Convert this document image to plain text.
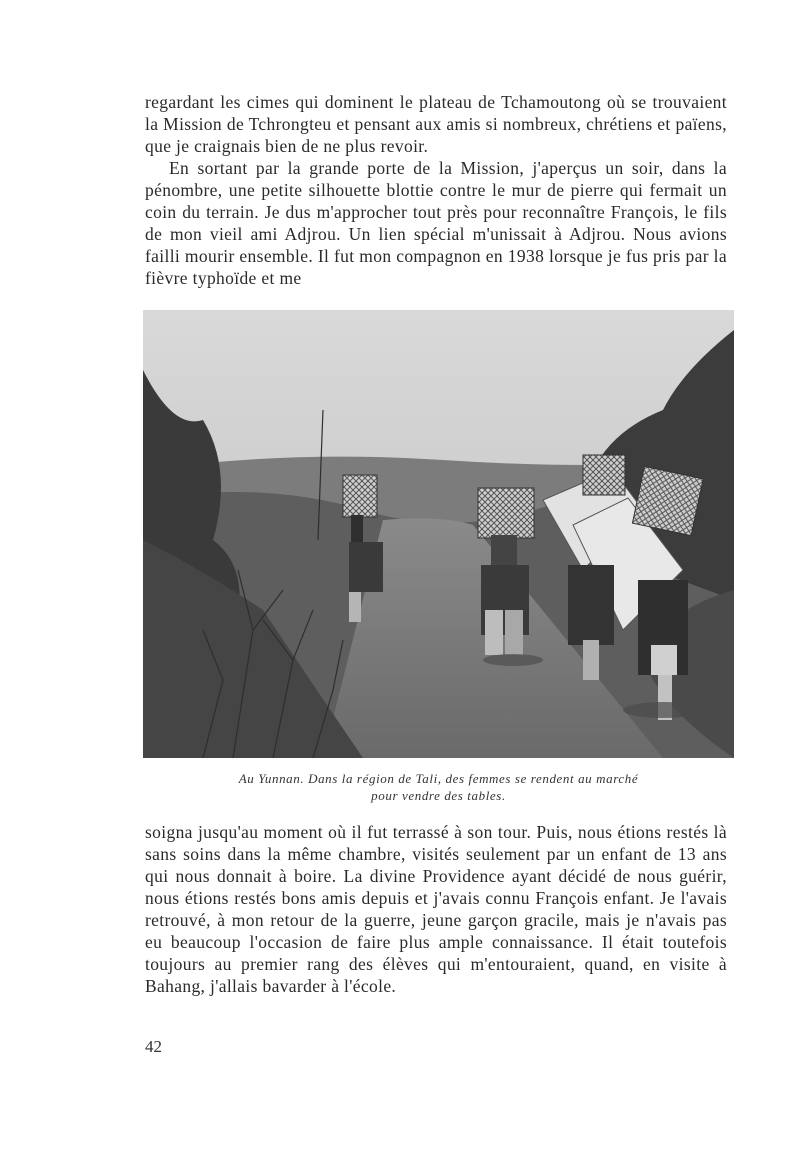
regardant les cimes qui dominent le plateau de Tchamoutong où se trouvaient la Mission de Tchrongteu et pensant aux amis si nombreux, chrétiens et païens, que je craignais bien de ne plus revoir.

En sortant par la grande porte de la Mission, j'aperçus un soir, dans la pénombre, une petite silhouette blottie contre le mur de pierre qui fermait un coin du terrain. Je dus m'approcher tout près pour reconnaître François, le fils de mon vieil ami Adjrou. Un lien spécial m'unissait à Adjrou. Nous avions failli mourir ensemble. Il fut mon compagnon en 1938 lorsque je fus pris par la fièvre typhoïde et me

Au Yunnan. Dans la région de Tali, des femmes se rendent au marché
pour vendre des tables.

soigna jusqu'au moment où il fut terrassé à son tour. Puis, nous étions restés là sans soins dans la même chambre, visités seulement par un enfant de 13 ans qui nous donnait à boire. La divine Providence ayant décidé de nous guérir, nous étions restés bons amis depuis et j'avais connu François enfant. Je l'avais retrouvé, à mon retour de la guerre, jeune garçon gracile, mais je n'avais pas eu beaucoup l'occasion de faire plus ample connaissance. Il était toutefois toujours au premier rang des élèves qui m'entouraient, quand, en visite à Bahang, j'allais bavarder à l'école.

42
